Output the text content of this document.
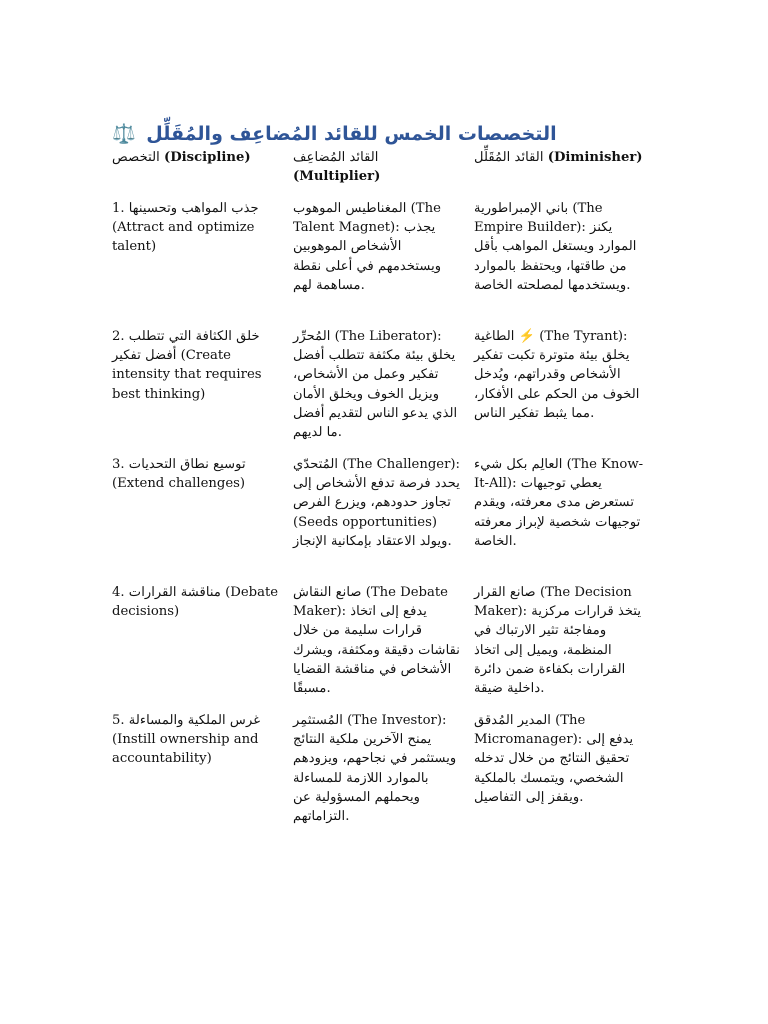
⚖️ التخصصات الخمس للقائد المُضاعِف والمُقَلِّل
التخصص (Discipline)	القائد المُضاعِف
(Multiplier)
القائد المُقَلِّل (Diminisher)
1. جذب المواهب وتحسينها (Attract and optimize talent)
المغناطيس الموهوب (The Talent Magnet): يجذب الأشخاص الموهوبين ويستخدمهم في أعلى نقطة مساهمة لهم.
باني الإمبراطورية (The Empire Builder): يكنز الموارد ويستغل المواهب بأقل من طاقتها، ويحتفظ بالموارد ويستخدمها لمصلحته الخاصة.
2. خلق الكثافة التي تتطلب أفضل تفكير (Create intensity that requires best thinking)
المُحرِّر (The Liberator): يخلق بيئة مكثفة تتطلب أفضل تفكير وعمل من الأشخاص، ويزيل الخوف ويخلق الأمان الذي يدعو الناس لتقديم أفضل ما لديهم.
الطاغية ⚡ (The Tyrant): يخلق بيئة متوترة تكبت تفكير الأشخاص وقدراتهم، ويُدخل الخوف من الحكم على الأفكار، مما يثبط تفكير الناس.
3. توسيع نطاق التحديات (Extend challenges)
المُتحدّي (The Challenger): يحدد فرصة تدفع الأشخاص إلى تجاوز حدودهم، ويزرع الفرص (Seeds opportunities) ويولد الاعتقاد بإمكانية الإنجاز.
العالِم بكل شيء (The Know-It-All): يعطي توجيهات تستعرض مدى معرفته، ويقدم توجيهات شخصية لإبراز معرفته الخاصة.
4. مناقشة القرارات (Debate decisions)
صانع النقاش (The Debate Maker): يدفع إلى اتخاذ قرارات سليمة من خلال نقاشات دقيقة ومكثفة، ويشرك الأشخاص في مناقشة القضايا مسبقًا.
صانع القرار (The Decision Maker): يتخذ قرارات مركزية ومفاجئة تثير الارتباك في المنظمة، ويميل إلى اتخاذ القرارات بكفاءة ضمن دائرة داخلية ضيقة.
5. غرس الملكية والمساءلة (Instill ownership and accountability)
المُستثمِر (The Investor): يمنح الآخرين ملكية النتائج ويستثمر في نجاحهم، ويزودهم بالموارد اللازمة للمساءلة ويحملهم المسؤولية عن التزاماتهم.
المدير المُدقق (The Micromanager): يدفع إلى تحقيق النتائج من خلال تدخله الشخصي، ويتمسك بالملكية ويقفز إلى التفاصيل.
